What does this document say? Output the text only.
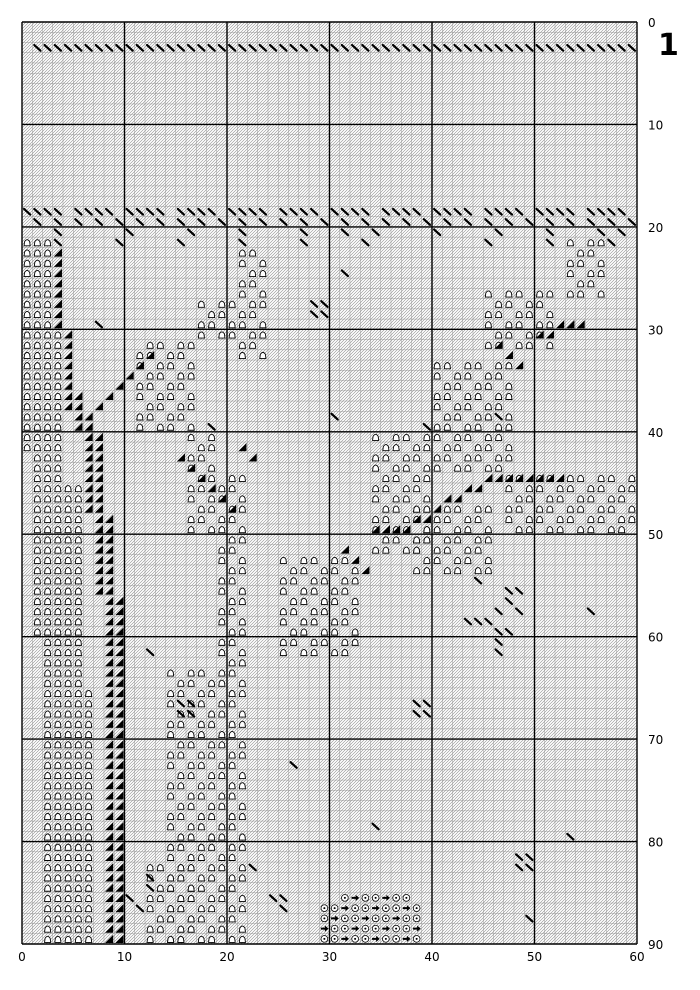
0	10	20	30	40	50	60
0
10
20
30
40
50
60
70
80
90
1
